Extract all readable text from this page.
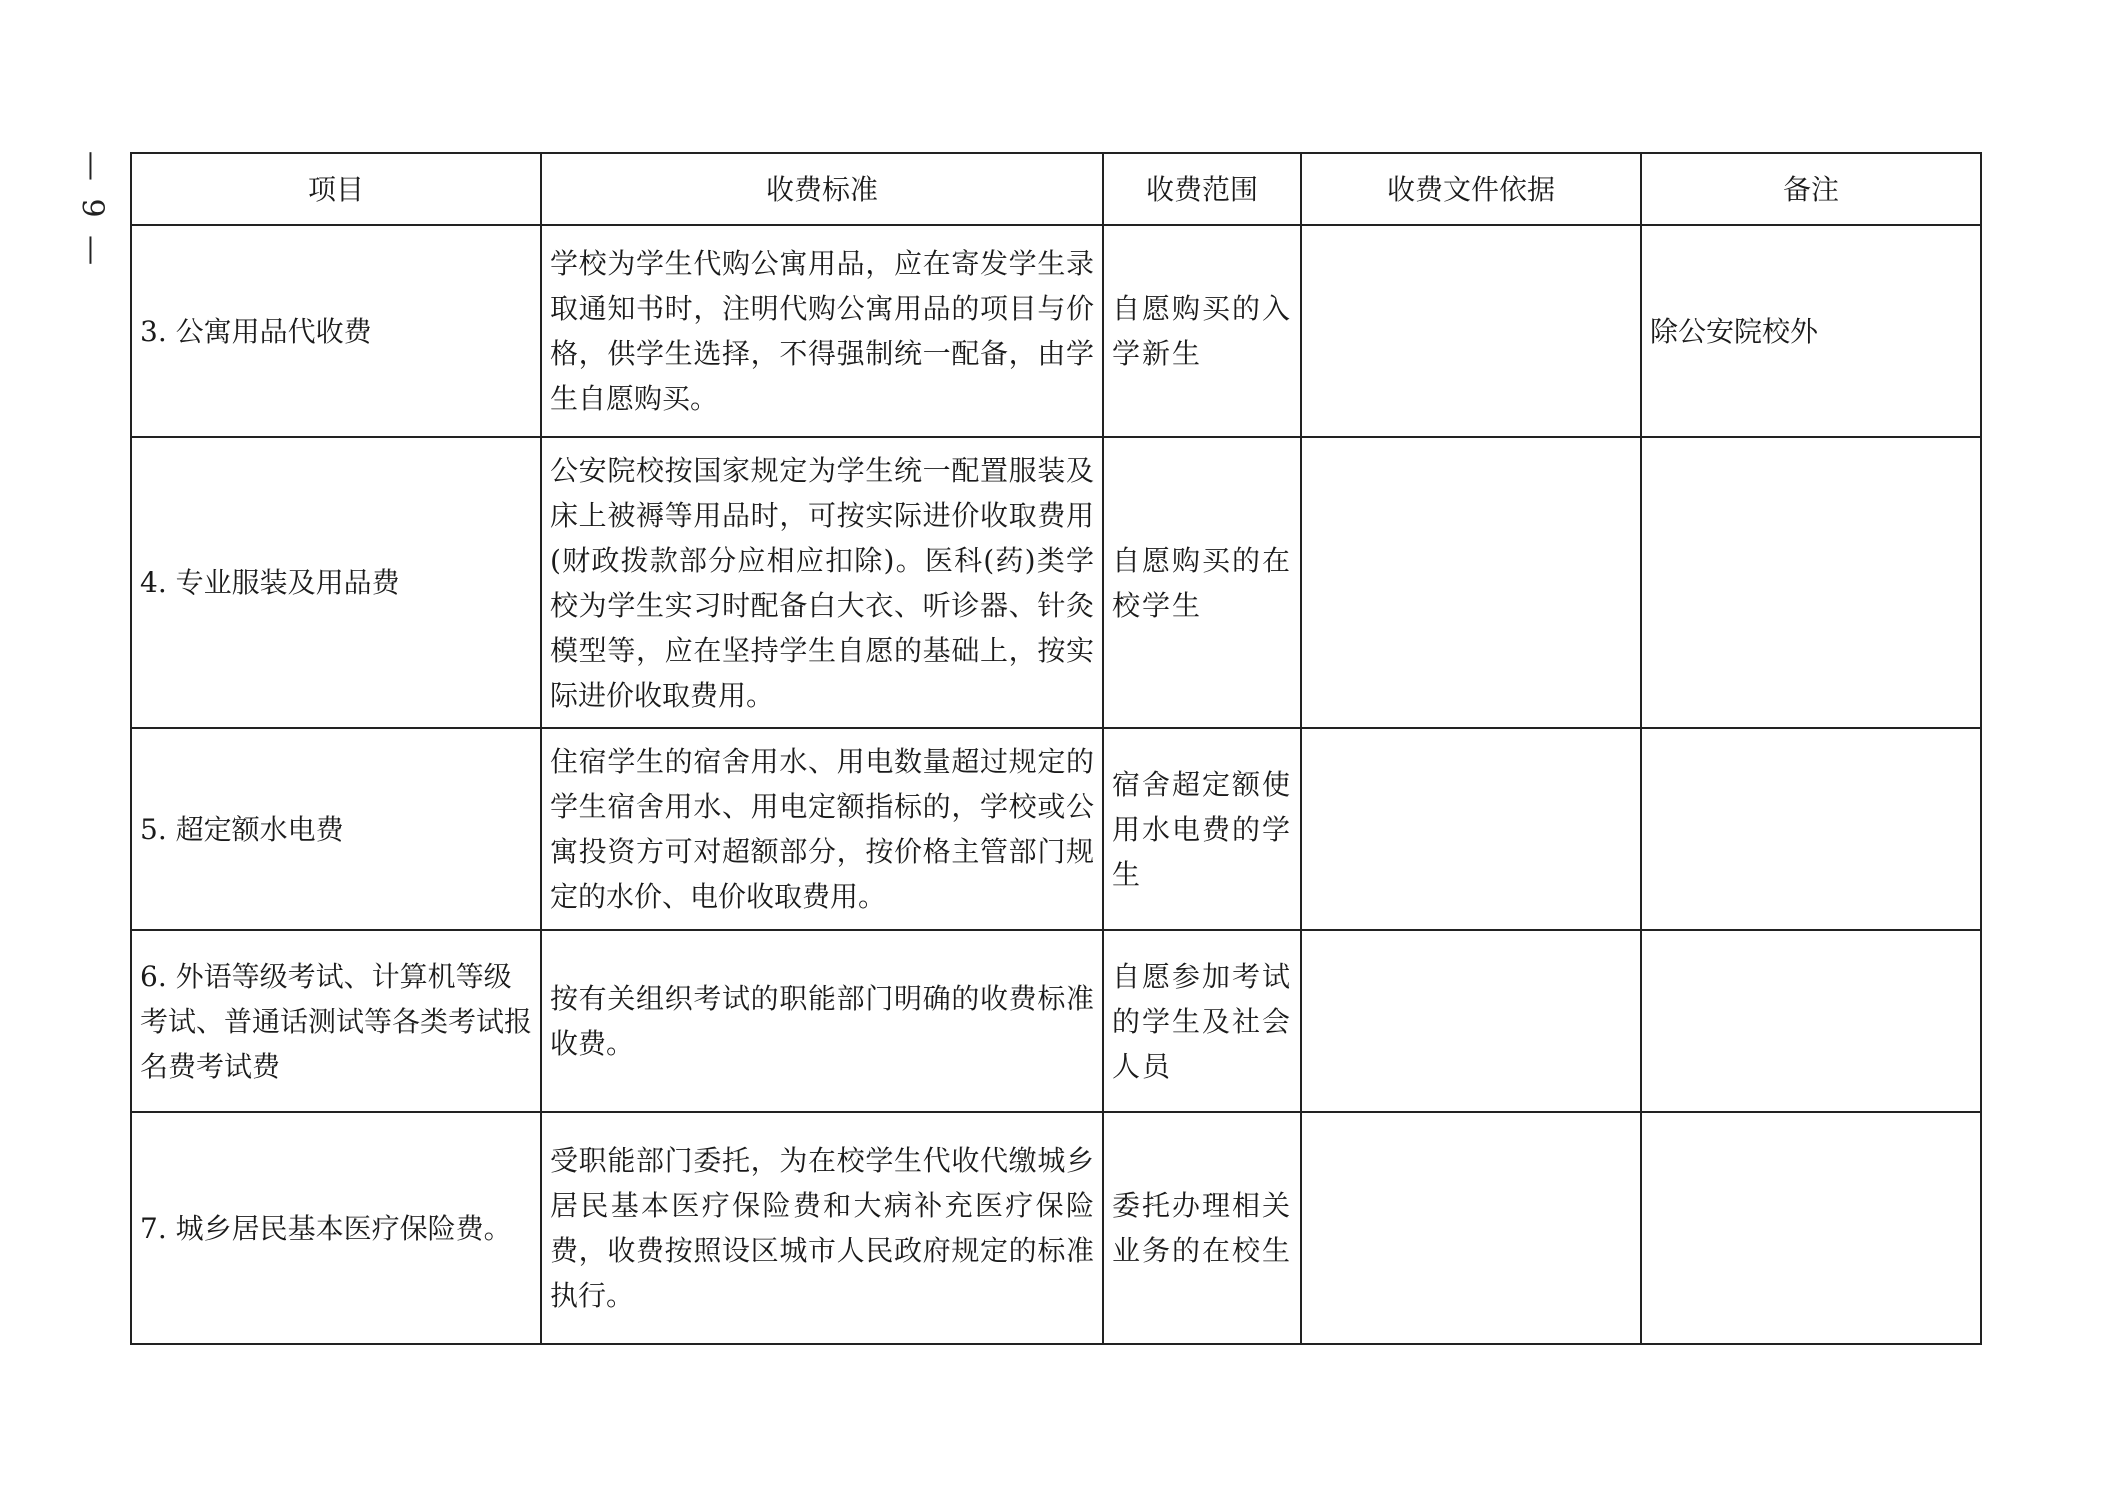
— 9 —	项目	收费标准	收费范围	收费文件依据	备注
3. 公寓用品代收费	学校为学生代购公寓用品，应在寄发学生录取通知书时，注明代购公寓用品的项目与价格，供学生选择，不得强制统一配备，由学生自愿购买。	自愿购买的入学新生		除公安院校外
4. 专业服装及用品费	公安院校按国家规定为学生统一配置服装及床上被褥等用品时，可按实际进价收取费用(财政拨款部分应相应扣除)。医科(药)类学校为学生实习时配备白大衣、听诊器、针灸模型等，应在坚持学生自愿的基础上，按实际进价收取费用。	自愿购买的在校学生		
5. 超定额水电费	住宿学生的宿舍用水、用电数量超过规定的学生宿舍用水、用电定额指标的，学校或公寓投资方可对超额部分，按价格主管部门规定的水价、电价收取费用。	宿舍超定额使用水电费的学生		
6. 外语等级考试、计算机等级考试、普通话测试等各类考试报名费考试费	按有关组织考试的职能部门明确的收费标准收费。	自愿参加考试的学生及社会人员		
7. 城乡居民基本医疗保险费。	受职能部门委托，为在校学生代收代缴城乡居民基本医疗保险费和大病补充医疗保险费，收费按照设区城市人民政府规定的标准执行。	委托办理相关业务的在校生		
